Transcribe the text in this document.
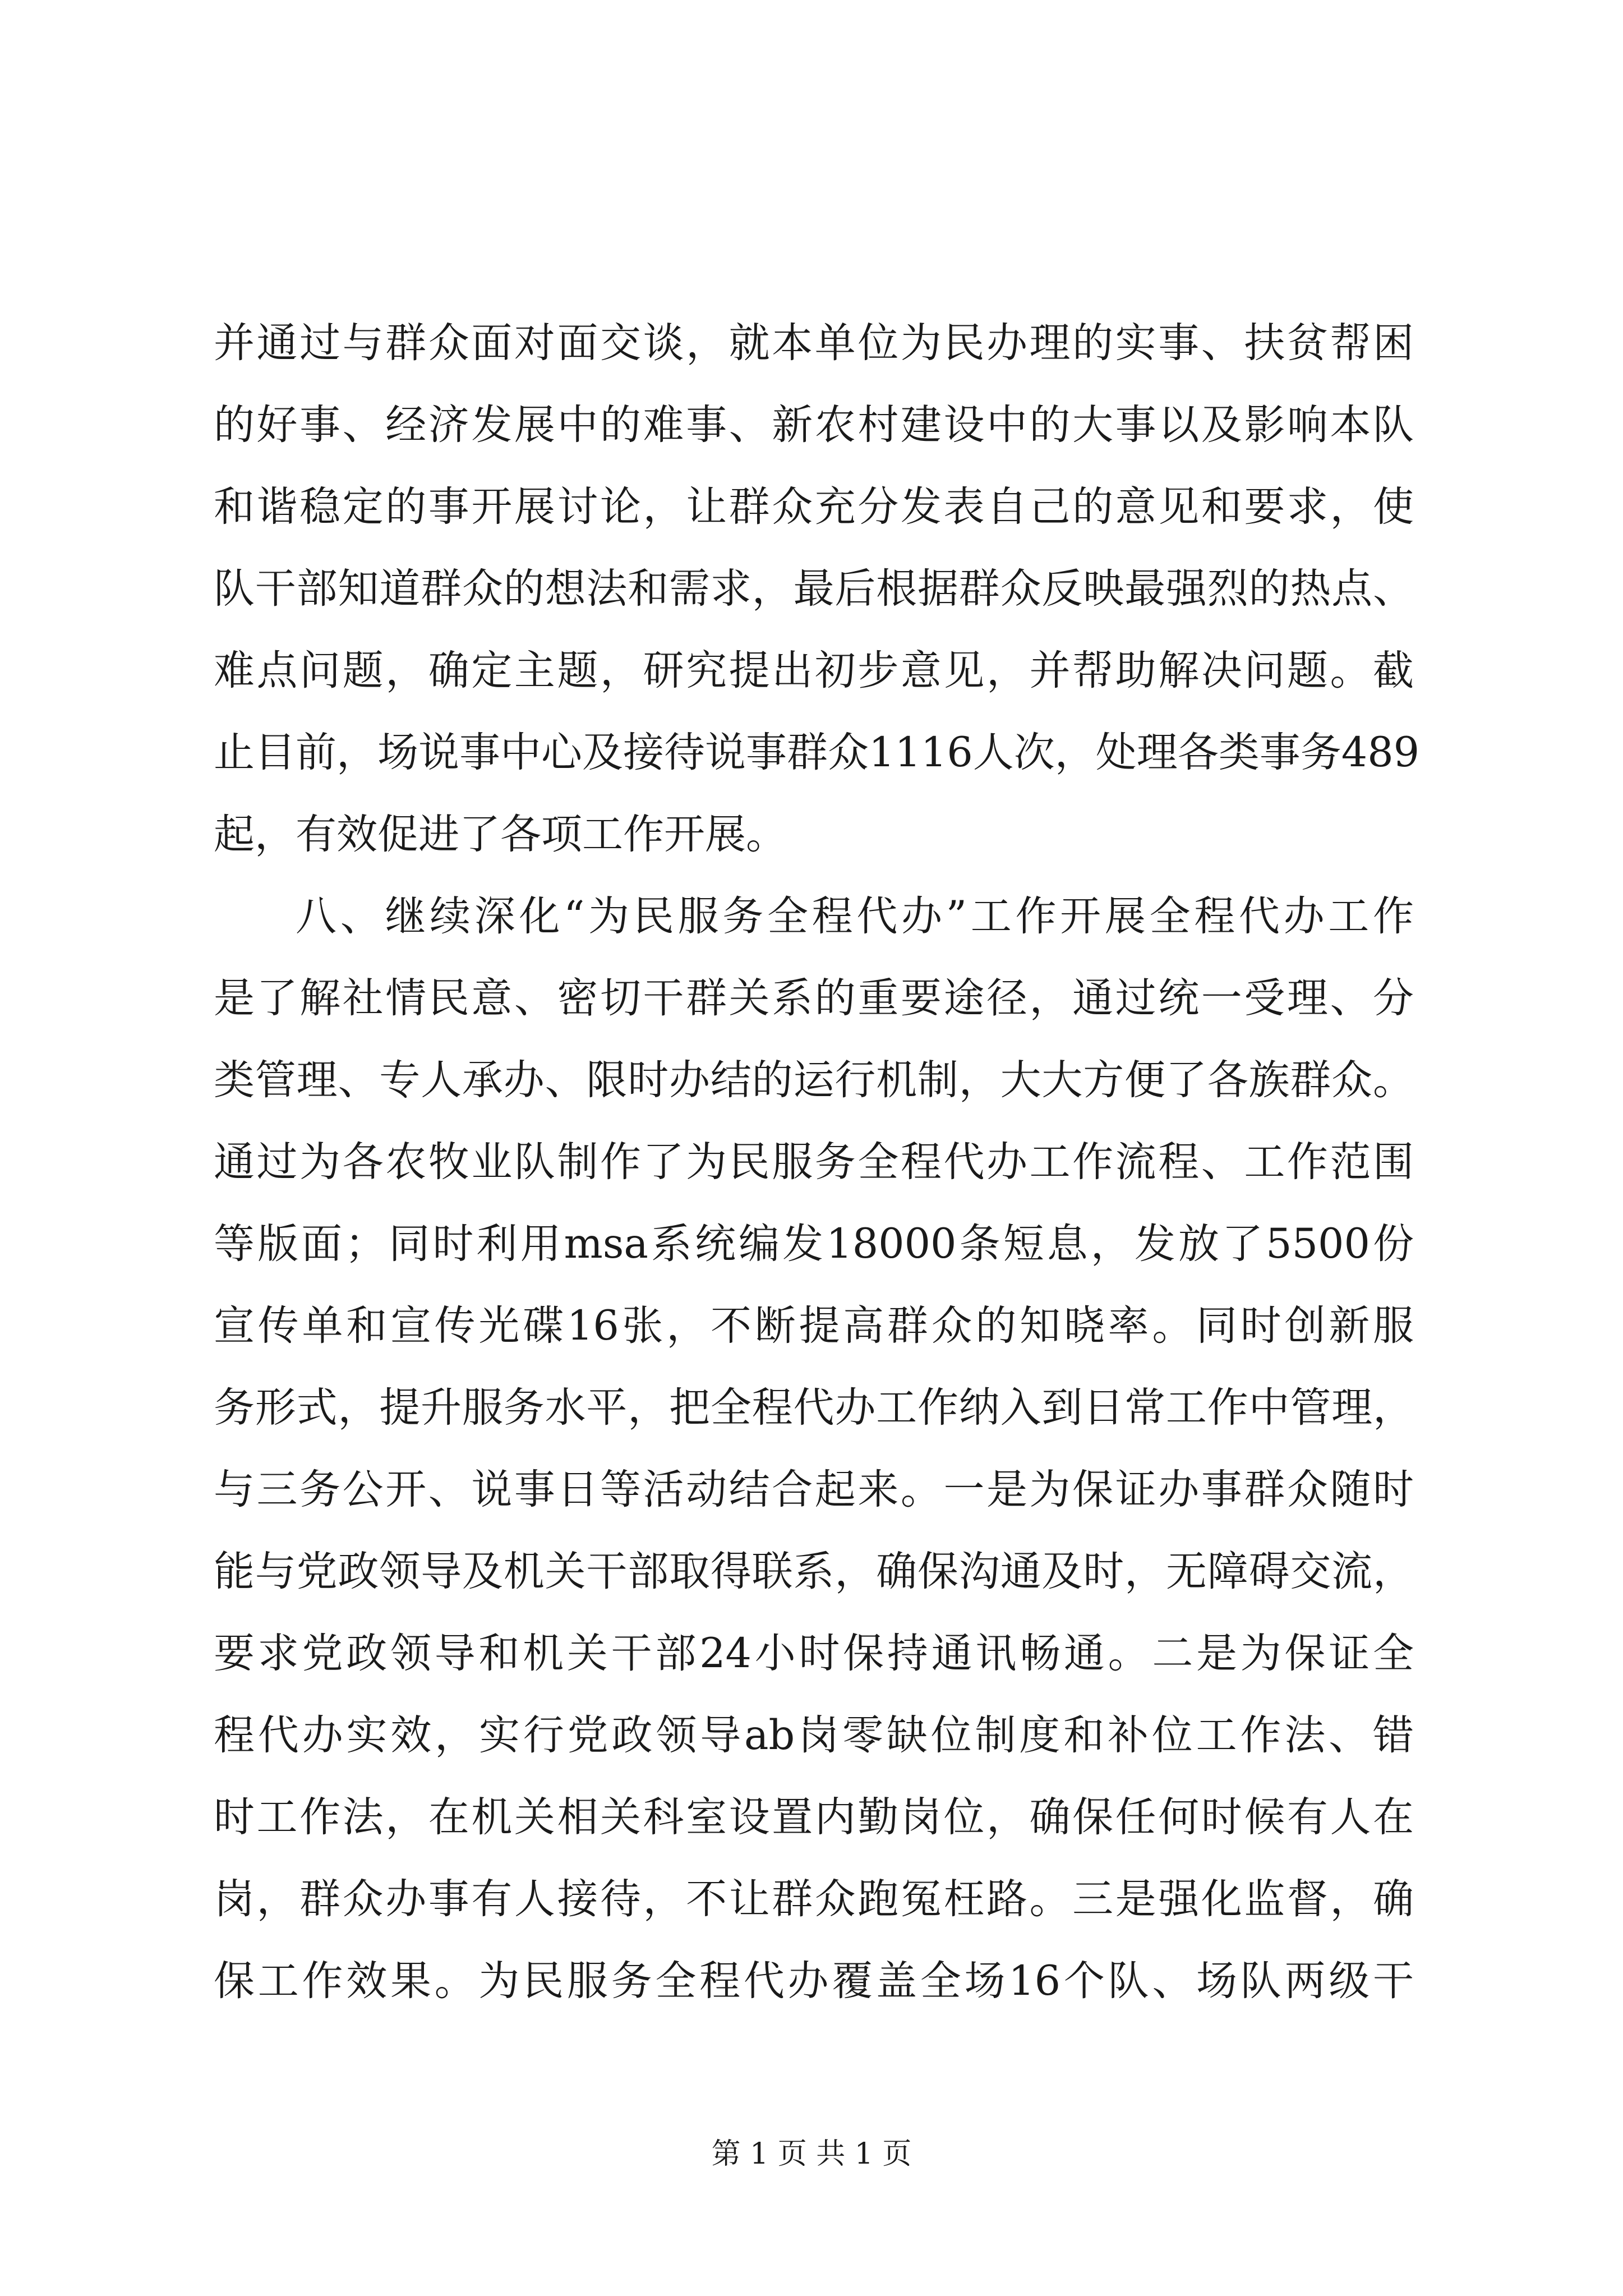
并通过与群众面对面交谈，就本单位为民办理的实事、扶贫帮困
的好事、经济发展中的难事、新农村建设中的大事以及影响本队
和谐稳定的事开展讨论，让群众充分发表自己的意见和要求，使
队干部知道群众的想法和需求，最后根据群众反映最强烈的热点、
难点问题，确定主题，研究提出初步意见，并帮助解决问题。截
止目前，场说事中心及接待说事群众1116人次，处理各类事务489
起，有效促进了各项工作开展。
八、继续深化“为民服务全程代办”工作开展全程代办工作
是了解社情民意、密切干群关系的重要途径，通过统一受理、分
类管理、专人承办、限时办结的运行机制，大大方便了各族群众。
通过为各农牧业队制作了为民服务全程代办工作流程、工作范围
等版面；同时利用msa系统编发18000条短息，发放了5500份
宣传单和宣传光碟16张，不断提高群众的知晓率。同时创新服
务形式，提升服务水平，把全程代办工作纳入到日常工作中管理，
与三务公开、说事日等活动结合起来。一是为保证办事群众随时
能与党政领导及机关干部取得联系，确保沟通及时，无障碍交流，
要求党政领导和机关干部24小时保持通讯畅通。二是为保证全
程代办实效，实行党政领导ab岗零缺位制度和补位工作法、错
时工作法，在机关相关科室设置内勤岗位，确保任何时候有人在
岗，群众办事有人接待，不让群众跑冤枉路。三是强化监督，确
保工作效果。为民服务全程代办覆盖全场16个队、场队两级干
第 1 页 共 1 页
